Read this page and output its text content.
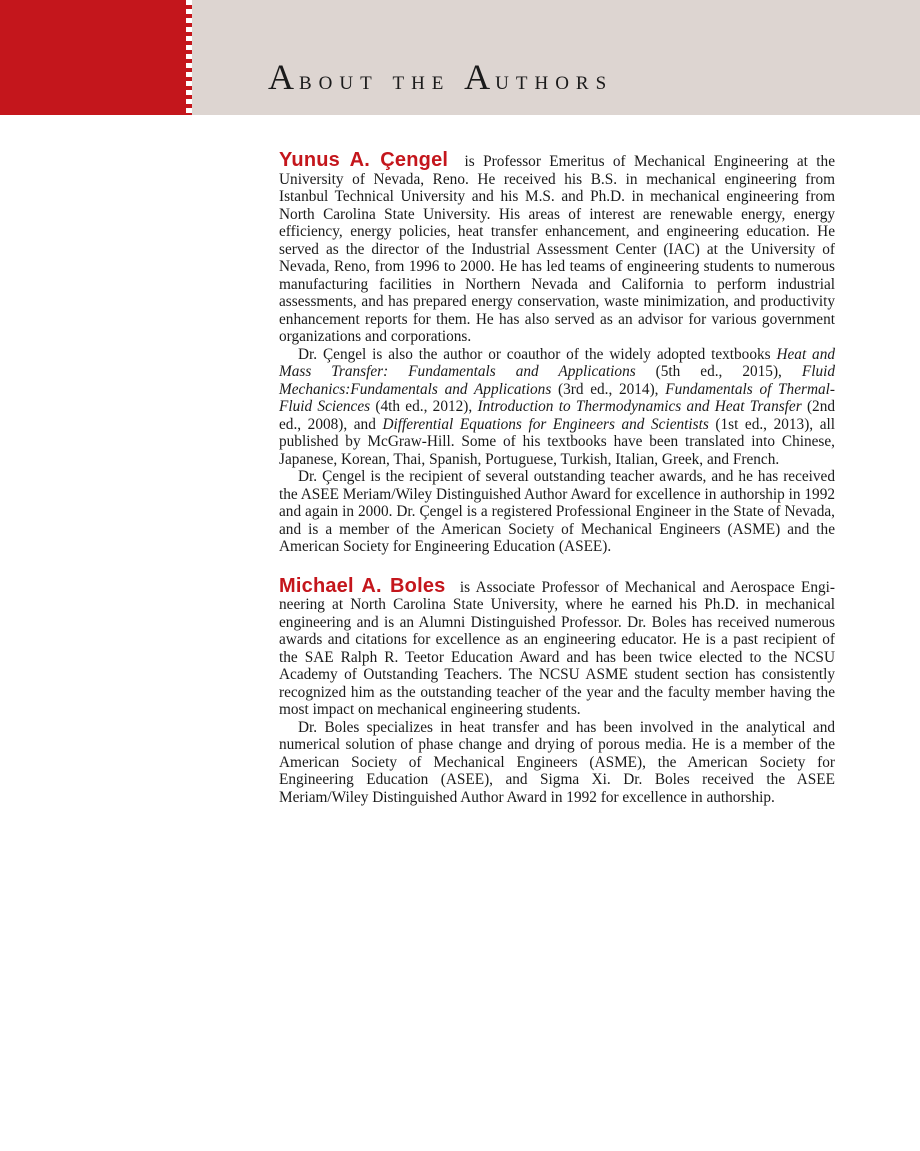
About the Authors

Yunus A. Çengel is Professor Emeritus of Mechanical Engineering at the University of Nevada, Reno. He received his B.S. in mechanical engineering from Istanbul Technical University and his M.S. and Ph.D. in mechanical engineering from North Carolina State University. His areas of interest are renewable energy, energy efficiency, energy policies, heat transfer enhancement, and engineering education. He served as the director of the Industrial Assessment Center (IAC) at the University of Nevada, Reno, from 1996 to 2000. He has led teams of engineering students to numerous manufacturing facilities in Northern Nevada and California to perform industrial assessments, and has prepared energy conservation, waste minimization, and productivity enhancement reports for them. He has also served as an advisor for various government organizations and corporations.

Dr. Çengel is also the author or coauthor of the widely adopted textbooks Heat and Mass Transfer: Fundamentals and Applications (5th ed., 2015), Fluid Mechanics:Fundamentals and Applications (3rd ed., 2014), Fundamentals of Thermal-Fluid Sciences (4th ed., 2012), Introduction to Thermodynamics and Heat Transfer (2nd ed., 2008), and Differential Equations for Engineers and Scientists (1st ed., 2013), all published by McGraw-Hill. Some of his textbooks have been translated into Chinese, Japanese, Korean, Thai, Spanish, Portuguese, Turkish, Italian, Greek, and French.

Dr. Çengel is the recipient of several outstanding teacher awards, and he has received the ASEE Meriam/Wiley Distinguished Author Award for excellence in authorship in 1992 and again in 2000. Dr. Çengel is a registered Professional Engineer in the State of Nevada, and is a member of the American Society of Mechanical Engineers (ASME) and the American Society for Engineering Education (ASEE).

Michael A. Boles is Associate Professor of Mechanical and Aerospace Engineering at North Carolina State University, where he earned his Ph.D. in mechanical engineering and is an Alumni Distinguished Professor. Dr. Boles has received numerous awards and citations for excellence as an engineering educator. He is a past recipient of the SAE Ralph R. Teetor Education Award and has been twice elected to the NCSU Academy of Outstanding Teachers. The NCSU ASME student section has consistently recognized him as the outstanding teacher of the year and the faculty member having the most impact on mechanical engineering students.

Dr. Boles specializes in heat transfer and has been involved in the analytical and numerical solution of phase change and drying of porous media. He is a member of the American Society of Mechanical Engineers (ASME), the American Society for Engineering Education (ASEE), and Sigma Xi. Dr. Boles received the ASEE Meriam/Wiley Distinguished Author Award in 1992 for excellence in authorship.
